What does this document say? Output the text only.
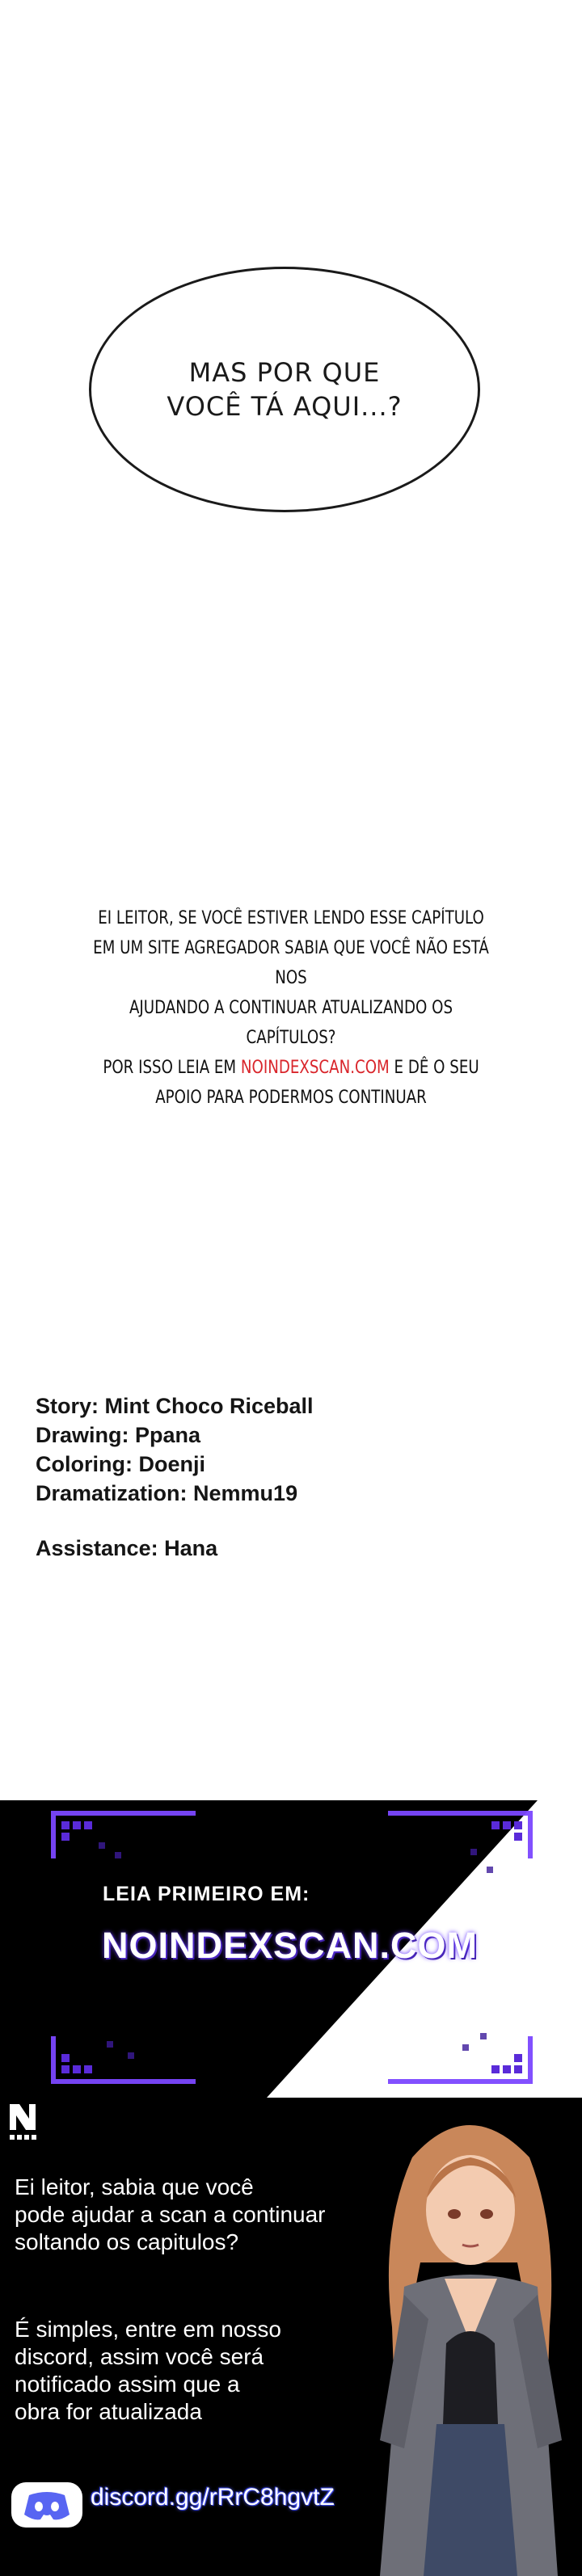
MAS POR QUE
VOCÊ TÁ AQUI...?
EI LEITOR, SE VOCÊ ESTIVER LENDO ESSE CAPÍTULO
EM UM SITE AGREGADOR SABIA QUE VOCÊ NÃO ESTÁ NOS
AJUDANDO A CONTINUAR ATUALIZANDO OS CAPÍTULOS?
POR ISSO LEIA EM NOINDEXSCAN.COM E DÊ O SEU
APOIO PARA PODERMOS CONTINUAR
Story: Mint Choco Riceball
Drawing: Ppana
Coloring: Doenji
Dramatization: Nemmu19
Assistance: Hana
LEIA PRIMEIRO EM:
NOINDEXSCAN.COM
Ei leitor, sabia que você
pode ajudar a scan a continuar
soltando os capitulos?
É simples, entre em nosso
discord, assim você será
notificado assim que a
obra for atualizada
discord.gg/rRrC8hgvtZ
